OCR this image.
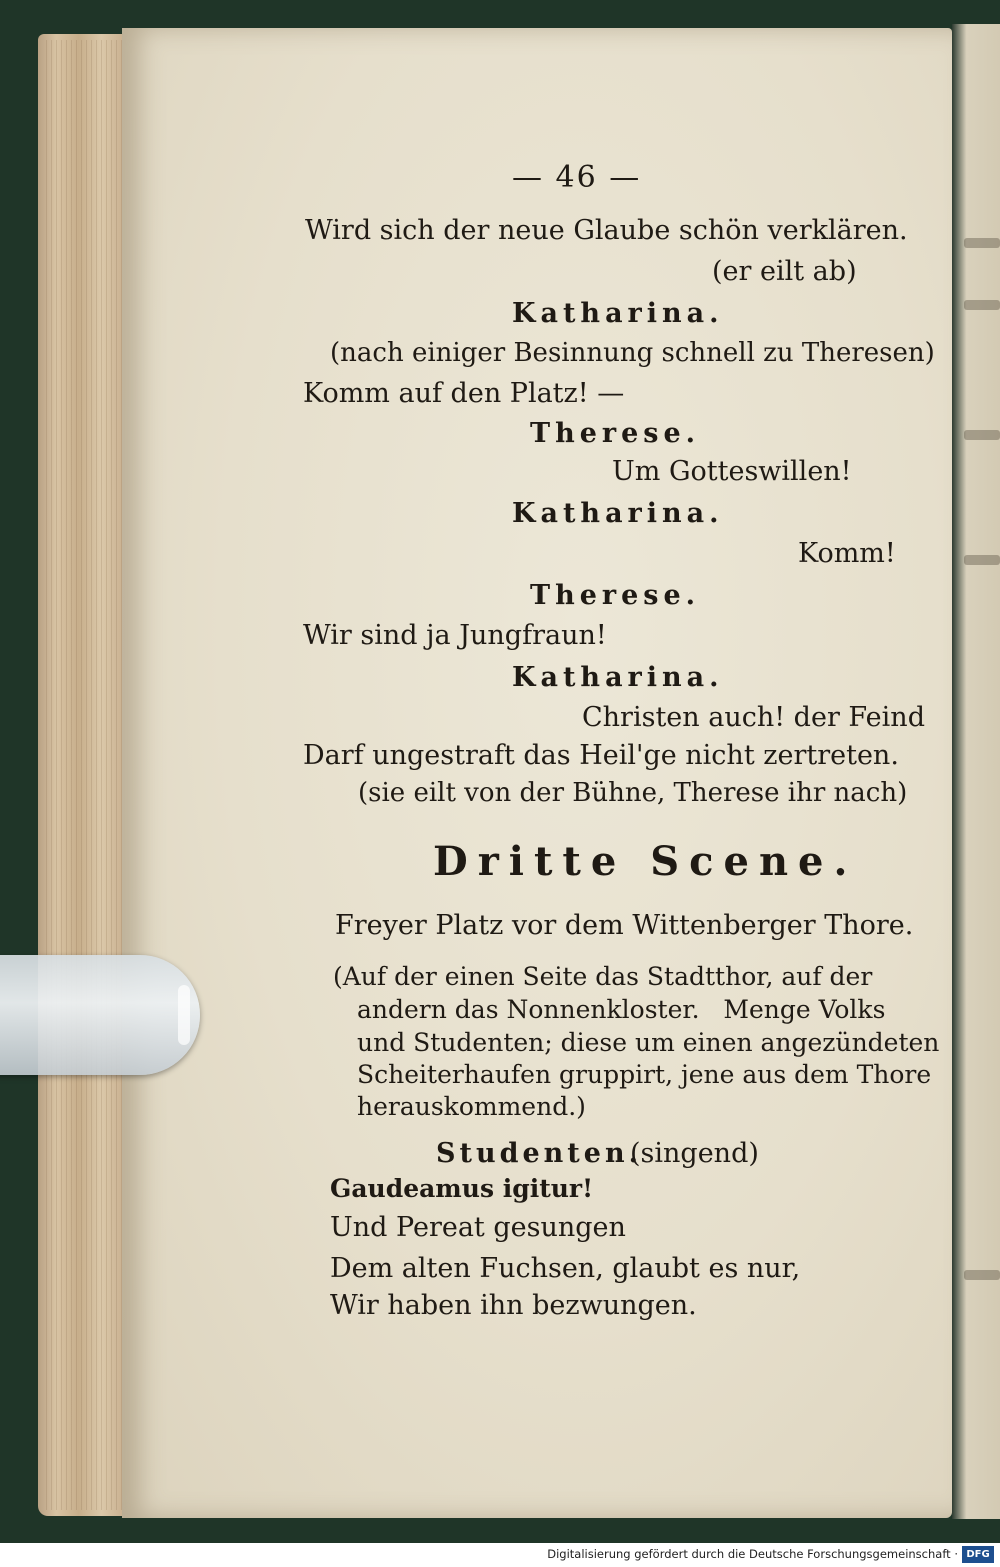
— 46 —
Wird sich der neue Glaube schön verklären.
(er eilt ab)
Katharina.
(nach einiger Besinnung schnell zu Theresen)
Komm auf den Platz! —
Therese.
Um Gotteswillen!
Katharina.
Komm!
Therese.
Wir sind ja Jungfraun!
Katharina.
Christen auch! der Feind
Darf ungestraft das Heil'ge nicht zertreten.
(sie eilt von der Bühne, Therese ihr nach)
Dritte Scene.
Freyer Platz vor dem Wittenberger Thore.
(Auf der einen Seite das Stadtthor, auf der
andern das Nonnenkloster.   Menge Volks
und Studenten; diese um einen angezündeten
Scheiterhaufen gruppirt, jene aus dem Thore
herauskommend.)
Studenten.
(singend)
Gaudeamus igitur!
Und Pereat gesungen
Dem alten Fuchsen, glaubt es nur,
Wir haben ihn bezwungen.
Digitalisierung gefördert durch die Deutsche Forschungsgemeinschaft · DFG
